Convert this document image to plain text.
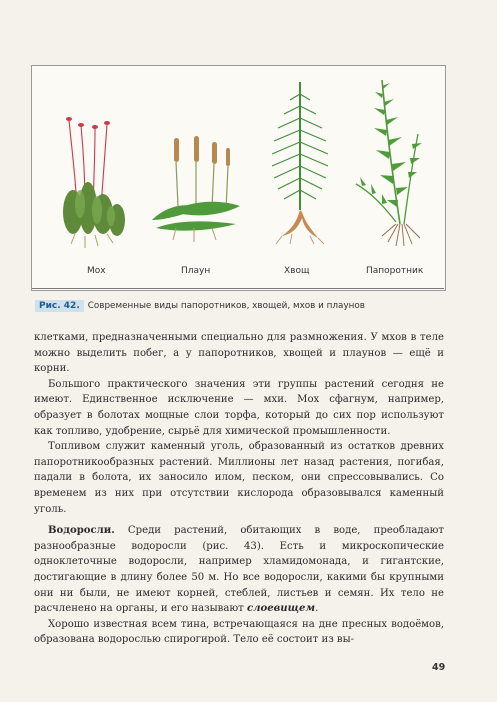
Мох	Плаун	Хвощ	Папоротник
Рис. 42. Современные виды папоротников, хвощей, мхов и плаунов

клетками, предназначенными специально для размножения. У мхов в теле можно выделить побег, а у папоротников, хвощей и плаунов — ещё и корни.

Большого практического значения эти группы растений сегодня не имеют. Единственное исключение — мхи. Мох сфагнум, например, образует в болотах мощные слои торфа, который до сих пор используют как топливо, удобрение, сырьё для химической промышленности.

Топливом служит каменный уголь, образованный из остатков древних папоротникообразных растений. Миллионы лет назад растения, погибая, падали в болота, их заносило илом, песком, они спрессовывались. Со временем из них при отсутствии кислорода образовывался каменный уголь.

Водоросли. Среди растений, обитающих в воде, преобладают разнообразные водоросли (рис. 43). Есть и микроскопические одноклеточные водоросли, например хламидомонада, и гигантские, достигающие в длину более 50 м. Но все водоросли, какими бы крупными они ни были, не имеют корней, стеблей, листьев и семян. Их тело не расчленено на органы, и его называют слоевищем.

Хорошо известная всем тина, встречающаяся на дне пресных водоёмов, образована водорослью спирогирой. Тело её состоит из вы-

49
